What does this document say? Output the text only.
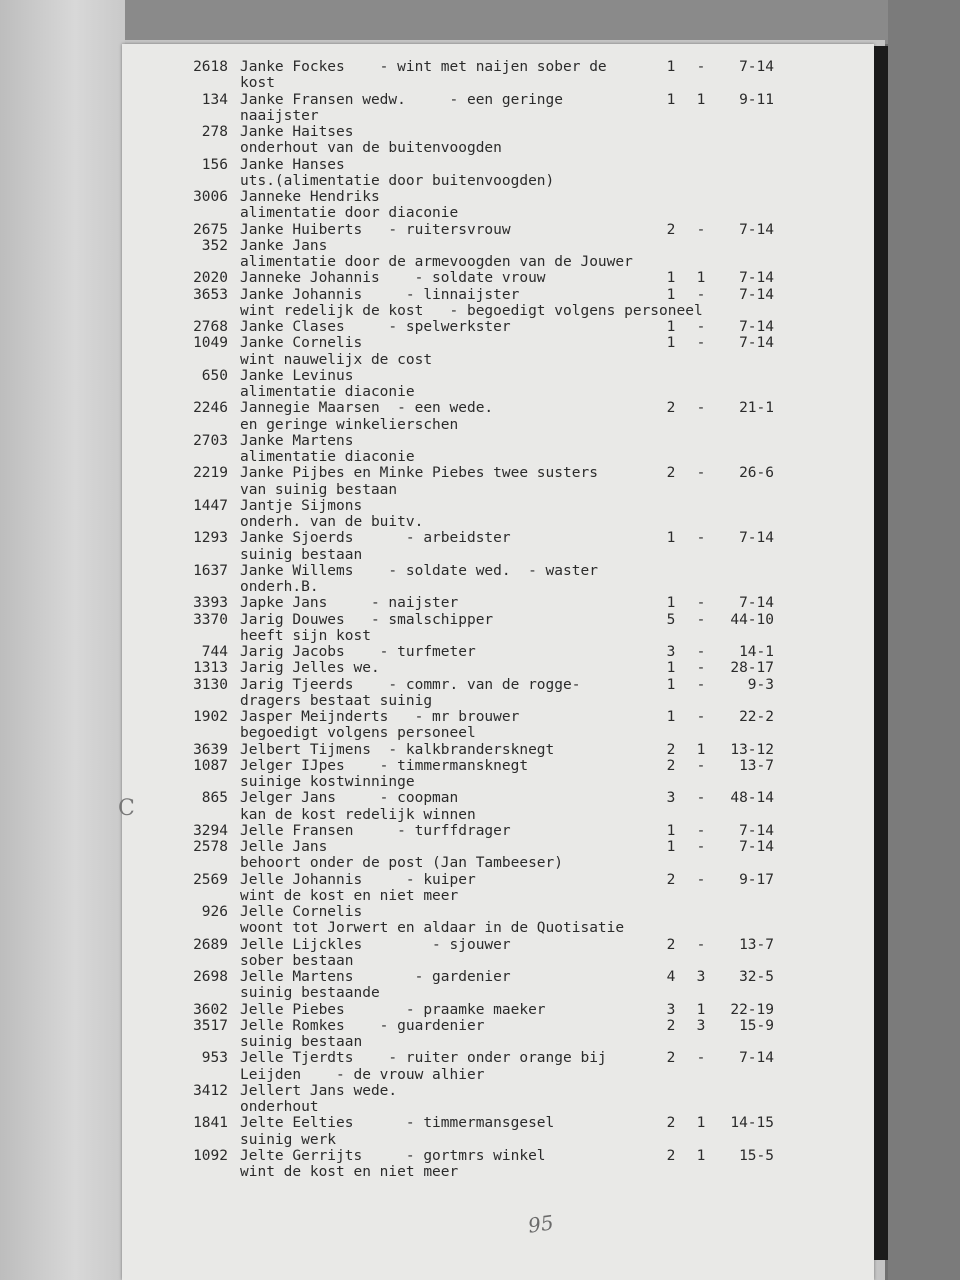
C
2618 Janke Fockes    - wint met naijen sober de	1 -	7-14
kost
134 Janke Fransen wedw.     - een geringe	1 1	9-11
naaijster
278 Janke Haitses
onderhout van de buitenvoogden
156 Janke Hanses
uts.(alimentatie door buitenvoogden)
3006 Janneke Hendriks
alimentatie door diaconie
2675 Janke Huiberts   - ruitersvrouw	2 -	7-14
352 Janke Jans
alimentatie door de armevoogden van de Jouwer
2020 Janneke Johannis    - soldate vrouw	1 1	7-14
3653 Janke Johannis     - linnaijster	1 -	7-14
wint redelijk de kost   - begoedigt volgens personeel
2768 Janke Clases     - spelwerkster	1 -	7-14
1049 Janke Cornelis	1 -	7-14
wint nauwelijx de cost
650 Janke Levinus
alimentatie diaconie
2246 Jannegie Maarsen  - een wede.	2 -	21-1
en geringe winkelierschen
2703 Janke Martens
alimentatie diaconie
2219 Janke Pijbes en Minke Piebes twee susters	2 -	26-6
van suinig bestaan
1447 Jantje Sijmons
onderh. van de buitv.
1293 Janke Sjoerds      - arbeidster	1 -	7-14
suinig bestaan
1637 Janke Willems    - soldate wed.  - waster
onderh.B.
3393 Japke Jans     - naijster	1 -	7-14
3370 Jarig Douwes   - smalschipper	5 -	44-10
heeft sijn kost
744 Jarig Jacobs    - turfmeter	3 -	14-1
1313 Jarig Jelles we.	1 -	28-17
3130 Jarig Tjeerds    - commr. van de rogge-	1 -	9-3
dragers bestaat suinig
1902 Jasper Meijnderts   - mr brouwer	1 -	22-2
begoedigt volgens personeel
3639 Jelbert Tijmens  - kalkbrandersknegt	2 1	13-12
1087 Jelger IJpes    - timmermansknegt	2 -	13-7
suinige kostwinninge
865 Jelger Jans     - coopman	3 -	48-14
kan de kost redelijk winnen
3294 Jelle Fransen     - turffdrager	1 -	7-14
2578 Jelle Jans	1 -	7-14
behoort onder de post (Jan Tambeeser)
2569 Jelle Johannis     - kuiper	2 -	9-17
wint de kost en niet meer
926 Jelle Cornelis
woont tot Jorwert en aldaar in de Quotisatie
2689 Jelle Lijckles        - sjouwer	2 -	13-7
sober bestaan
2698 Jelle Martens       - gardenier	4 3	32-5
suinig bestaande
3602 Jelle Piebes       - praamke maeker	3 1	22-19
3517 Jelle Romkes    - guardenier	2 3	15-9
suinig bestaan
953 Jelle Tjerdts    - ruiter onder orange bij	2 -	7-14
Leijden    - de vrouw alhier
3412 Jellert Jans wede.
onderhout
1841 Jelte Eelties      - timmermansgesel	2 1	14-15
suinig werk
1092 Jelte Gerrijts     - gortmrs winkel	2 1	15-5
wint de kost en niet meer
95
